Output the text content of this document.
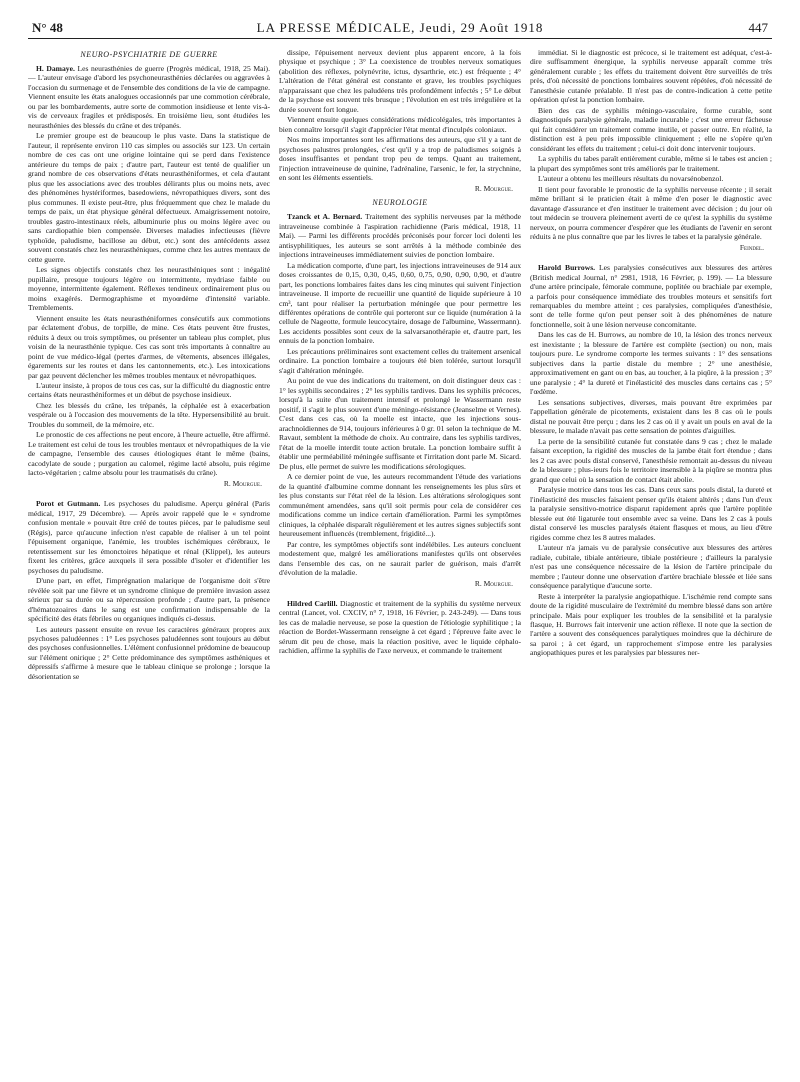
N° 48	LA PRESSE MÉDICALE, Jeudi, 29 Août 1918	447
NEURO-PSYCHIATRIE DE GUERRE

H. Damaye. Les neurasthénies de guerre (Progrès médical, 1918, 25 Mai). — L'auteur envisage d'abord les psychoneurasthénies déclarées ou aggravées à l'occasion du surmenage et de l'ensemble des conditions de la vie de campagne. Viennent ensuite les états analogues occasionnés par une commotion cérébrale, ou par les bombardements, autre sorte de commotion insidieuse et lente vis-à-vis de cerveaux fragiles et prédisposés. En troisième lieu, sont étudiées les neurasthénies des blessés du crâne et des trépanés.

Le premier groupe est de beaucoup le plus vaste. Dans la statistique de l'auteur, il représente environ 110 cas simples ou associés sur 123. Un certain nombre de ces cas ont une origine lointaine qui se perd dans l'existence antérieure du temps de paix ; d'autre part, l'auteur est tenté de qualifier un grand nombre de ces observations d'états neurasthéniformes, et cela d'autant plus que les associations avec des troubles délirants plus ou moins nets, avec des phénomènes hystériformes, basedowiens, névropathiques divers, sont des plus communes. Il existe peut-être, plus fréquemment que chez le malade du temps de paix, un état physique général défectueux. Amaigrissement notoire, troubles gastro-intestinaux réels, albuminurie plus ou moins légère avec ou sans cardiopathie bien compensée. Diverses maladies infectieuses (fièvre typhoïde, paludisme, bacillose au début, etc.) sont des antécédents assez souvent constatés chez les neurasthéniques, comme chez les autres mentaux de cette guerre.

Les signes objectifs constatés chez les neurasthéniques sont : inégalité pupillaire, presque toujours légère ou intermittente, mydriase faible ou moyenne, intermittente également. Réflexes tendineux ordinairement plus ou moins exagérés. Dermographisme et myoœdème d'intensité variable. Tremblements.

Viennent ensuite les états neurasthéniformes consécutifs aux commotions par éclatement d'obus, de torpille, de mine. Ces états peuvent être frustes, réduits à deux ou trois symptômes, ou présenter un tableau plus complet, plus voisin de la neurasthénie typique. Ces cas sont très importants à connaître au point de vue médico-légal (pertes d'armes, de vêtements, absences illégales, égarements sur les routes et dans les cantonnements, etc.). Les intoxications par gaz peuvent déclencher les mêmes troubles mentaux et névropathiques.

L'auteur insiste, à propos de tous ces cas, sur la difficulté du diagnostic entre certains états neurasthéniformes et un début de psychose insidieux.

Chez les blessés du crâne, les trépanés, la céphalée est à exacerbation vespérale ou à l'occasion des mouvements de la tête. Hypersensibilité au bruit. Troubles du sommeil, de la mémoire, etc.

Le pronostic de ces affections ne peut encore, à l'heure actuelle, être affirmé. Le traitement est celui de tous les troubles mentaux et névropathiques de la vie de campagne, l'ensemble des causes étiologiques étant le même (bains, cacodylate de soude ; purgation au calomel, régime lacté absolu, puis régime lacto-végétarien ; calme absolu pour les traumatisés du crâne).

R. Mourgue.

Porot et Gutmann. Les psychoses du paludisme. Aperçu général (Paris médical, 1917, 29 Décembre). — Après avoir rappelé que le « syndrome confusion mentale » pouvait être créé de toutes pièces, par le paludisme seul (Régis), parce qu'aucune infection n'est capable de réaliser à un tel point l'épuisement organique, l'anémie, les troubles ischémiques cérébraux, le retentissement sur les émonctoires hépatique et rénal (Klippel), les auteurs fixent les critères, grâce auxquels il sera possible d'isoler et d'identifier les psychoses du paludisme.

D'une part, en effet, l'imprégnation malarique de l'organisme doit s'être révélée soit par une fièvre et un syndrome clinique de première invasion assez sérieux par sa durée ou sa répercussion profonde ; d'autre part, la présence d'hématozoaires dans le sang est une confirmation indispensable de la spécificité des états fébriles ou organiques indiqués ci-dessus.

Les auteurs passent ensuite en revue les caractères généraux propres aux psychoses paludéennes : 1° Les psychoses paludéennes sont toujours au début des psychoses confusionnelles. L'élément confusionnel prédomine de beaucoup sur l'élément onirique ; 2° Cette prédominance des symptômes asthéniques et dépressifs s'affirme à mesure que le tableau clinique se prolonge ; lorsque la désorientation se

dissipe, l'épuisement nerveux devient plus apparent encore, à la fois physique et psychique ; 3° La coexistence de troubles nerveux somatiques (abolition des réflexes, polynévrite, ictus, dysarthrie, etc.) est fréquente ; 4° L'altération de l'état général est constante et grave, les troubles psychiques n'apparaissant que chez les paludéens très profondément infectés ; 5° Le début de la psychose est souvent très brusque ; l'évolution en est très irrégulière et la durée souvent fort longue.

Viennent ensuite quelques considérations médicolégales, très importantes à bien connaître lorsqu'il s'agit d'apprécier l'état mental d'inculpés coloniaux.

Nos moins importantes sont les affirmations des auteurs, que s'il y a tant de psychoses palustres prolongées, c'est qu'il y a trop de paludismes soignés à doses insuffisantes et pendant trop peu de temps. Quant au traitement, l'injection intraveineuse de quinine, l'adrénaline, l'arsenic, le fer, la strychnine, en sont les éléments essentiels.

R. Mourgue.
NEUROLOGIE

Tzanck et A. Bernard. Traitement des syphilis nerveuses par la méthode intraveineuse combinée à l'aspiration rachidienne (Paris médical, 1918, 11 Mai). — Parmi les différents procédés préconisés pour forcer loci dolenti les antisyphilitiques, les auteurs se sont arrêtés à la méthode combinée des injections intraveineuses immédiatement suivies de ponction lombaire.

La médication comporte, d'une part, les injections intraveineuses de 914 aux doses croissantes de 0,15, 0,30, 0,45, 0,60, 0,75, 0,90, 0,90, 0,90, et d'autre part, les ponctions lombaires faites dans les cinq minutes qui suivent l'injection intraveineuse. Il importe de recueillir une quantité de liquide supérieure à 10 cm³, tant pour réaliser la perturbation méningée que pour permettre les différentes opérations de contrôle qui porteront sur ce liquide (numération à la cellule de Nageotte, formule leucocytaire, dosage de l'albumine, Wassermann). Les accidents possibles sont ceux de la salvarsanothérapie et, d'autre part, les ennuis de la ponction lombaire.

Les précautions préliminaires sont exactement celles du traitement arsenical ordinaire. La ponction lombaire a toujours été bien tolérée, surtout lorsqu'il s'agit d'altération méningée.

Au point de vue des indications du traitement, on doit distinguer deux cas : 1° les syphilis secondaires ; 2° les syphilis tardives. Dans les syphilis précoces, lorsqu'à la suite d'un traitement intensif et prolongé le Wassermann reste positif, il s'agit le plus souvent d'une méningo-résistance (Jeanselme et Vernes). C'est dans ces cas, où la moelle est intacte, que les injections sous-arachnoïdiennes de 914, toujours inférieures à 0 gr. 01 selon la technique de M. Ravaut, semblent la méthode de choix. Au contraire, dans les syphilis tardives, l'état de la moelle interdit toute action brutale. La ponction lombaire suffit à établir une perméabilité méningée suffisante et l'irritation dont parle M. Sicard. De plus, elle permet de suivre les modifications sérologiques.

A ce dernier point de vue, les auteurs recommandent l'étude des variations de la quantité d'albumine comme donnant les renseignements les plus sûrs et les plus constants sur l'état réel de la lésion. Les altérations sérologiques sont communément amendées, sans qu'il soit permis pour cela de considérer ces modifications comme un indice certain d'amélioration. Parmi les symptômes cliniques, la céphalée disparaît régulièrement et les autres signes subjectifs sont heureusement influencés (tremblement, frigidité...).

Par contre, les symptômes objectifs sont indélébiles. Les auteurs concluent modestement que, malgré les améliorations manifestes qu'ils ont observées dans l'ensemble des cas, on ne saurait parler de guérison, mais d'arrêt d'évolution de la maladie.

R. Mourgue.

Hildred Carlill. Diagnostic et traitement de la syphilis du système nerveux central (Lancet, vol. CXCIV, n° 7, 1918, 16 Février, p. 243-249). — Dans tous les cas de maladie nerveuse, se pose la question de l'étiologie syphilitique ; la réaction de Bordet-Wassermann renseigne à cet égard ; l'épreuve faite avec le sérum dit peu de chose, mais la réaction positive, avec le liquide céphalo-rachidien, affirme la syphilis de l'axe nerveux, et commande le traitement

immédiat. Si le diagnostic est précoce, si le traitement est adéquat, c'est-à-dire suffisamment énergique, la syphilis nerveuse apparaît comme très généralement curable ; les effets du traitement doivent être surveillés de très près, d'où nécessité de ponctions lombaires souvent répétées, d'où nécessité de l'anesthésie cutanée préalable. Il n'est pas de contre-indication à cette petite opération qu'est la ponction lombaire.

Bien des cas de syphilis méningo-vasculaire, forme curable, sont diagnostiqués paralysie générale, maladie incurable ; c'est une erreur fâcheuse qui fait considérer un traitement comme inutile, et passer outre. En réalité, la distinction est à peu près impossible cliniquement ; elle ne s'opère qu'en considérant les effets du traitement ; celui-ci doit donc intervenir toujours.

La syphilis du tabes paraît entièrement curable, même si le tabes est ancien ; la plupart des symptômes sont très améliorés par le traitement.

L'auteur a obtenu les meilleurs résultats du novarsénobenzol.

Il tient pour favorable le pronostic de la syphilis nerveuse récente ; il serait même brillant si le praticien était à même d'en poser le diagnostic avec davantage d'assurance et d'en instituer le traitement avec décision ; du jour où tout médecin se trouvera pleinement averti de ce qu'est la syphilis du système nerveux, on pourra commencer d'espérer que les étudiants de l'avenir en seront réduits à ne plus connaître que par les livres le tabes et la paralysie générale.

Feindel.

Harold Burrows. Les paralysies consécutives aux blessures des artères (British medical Journal, n° 2981, 1918, 16 Février, p. 199). — La blessure d'une artère principale, fémorale commune, poplitée ou brachiale par exemple, a parfois pour conséquence immédiate des troubles moteurs et sensitifs fort remarquables du membre atteint ; ces paralysies, compliquées d'anesthésie, sont de telle forme qu'on peut penser soit à des phénomènes de nature fonctionnelle, soit à une lésion nerveuse concomitante.

Dans les cas de H. Burrows, au nombre de 10, la lésion des troncs nerveux est inexistante ; la blessure de l'artère est complète (section) ou non, mais toujours pure. Le syndrome comporte les termes suivants : 1° des sensations subjectives dans la partie distale du membre ; 2° une anesthésie, approximativement en gant ou en bas, au toucher, à la piqûre, à la pression ; 3° une paralysie ; 4° la dureté et l'inélasticité des muscles dans certains cas ; 5° l'œdème.

Les sensations subjectives, diverses, mais pouvant être exprimées par l'appellation générale de picotements, existaient dans les 8 cas où le pouls distal ne pouvait être perçu ; dans les 2 cas où il y avait un pouls en aval de la blessure, le malade n'avait pas cette sensation de pointes d'aiguilles.

La perte de la sensibilité cutanée fut constatée dans 9 cas ; chez le malade faisant exception, la rigidité des muscles de la jambe était fort étendue ; dans les 2 cas avec pouls distal conservé, l'anesthésie remontait au-dessus du niveau de la blessure ; plus-ieurs fois le territoire insensible à la piqûre se montra plus grand que celui où la sensation de contact était abolie.

Paralysie motrice dans tous les cas. Dans ceux sans pouls distal, la dureté et l'inélasticité des muscles faisaient penser qu'ils étaient altérés ; dans l'un d'eux la paralysie sensitivo-motrice disparut rapidement après que l'artère poplitée blessée eut été ligaturée tout ensemble avec sa veine. Dans les 2 cas à pouls distal conservé les muscles paralysés étaient flasques et mous, au lieu d'être rigides comme chez les 8 autres malades.

L'auteur n'a jamais vu de paralysie consécutive aux blessures des artères radiale, cubitale, tibiale antérieure, tibiale postérieure ; d'ailleurs la paralysie n'est pas une conséquence nécessaire de la lésion de l'artère principale du membre ; l'auteur donne une observation d'artère brachiale blessée et liée sans conséquence paralytique d'aucune sorte.

Reste à interpréter la paralysie angiopathique. L'ischémie rend compte sans doute de la rigidité musculaire de l'extrémité du membre blessé dans son artère principale. Mais pour expliquer les troubles de la sensibilité et la paralysie flasque, H. Burrows fait intervenir une action réflexe. Il note que la section de l'artère a souvent des conséquences paralytiques moindres que la déchirure de sa paroi ; à cet égard, un rapprochement s'impose entre les paralysies angiopathiques pures et les paralysies par blessures ner-
